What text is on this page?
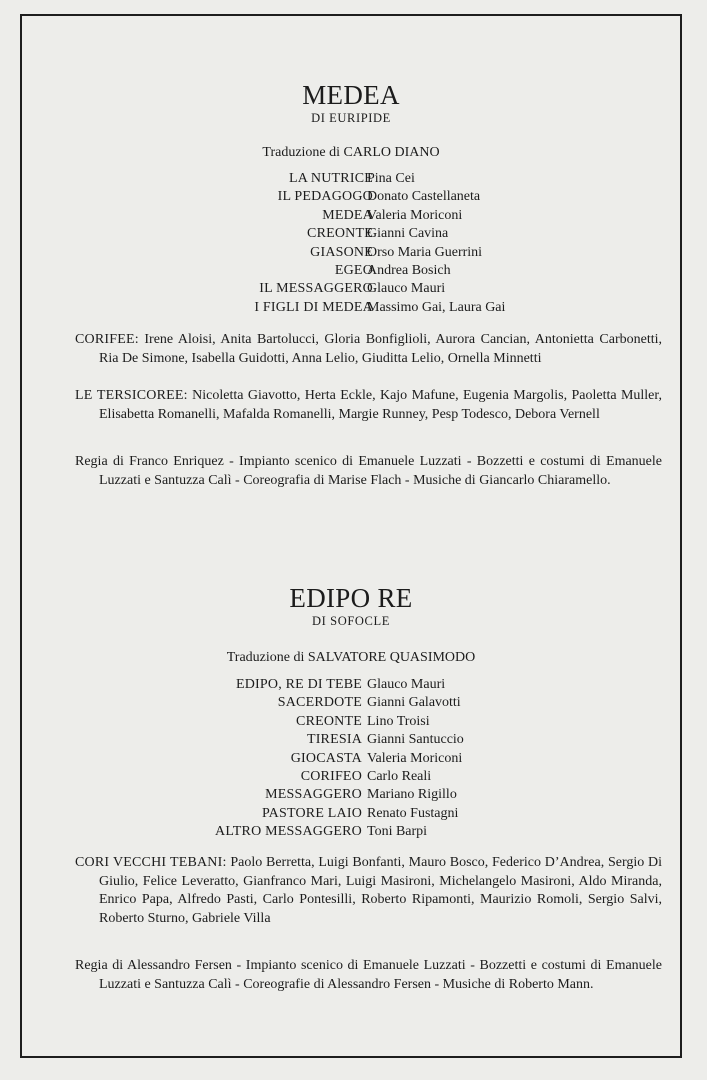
MEDEA
DI EURIPIDE
Traduzione di CARLO DIANO
LA NUTRICE
Pina Cei
IL PEDAGOGO
Donato Castellaneta
MEDEA
Valeria Moriconi
CREONTE
Gianni Cavina
GIASONE
Orso Maria Guerrini
EGEO
Andrea Bosich
IL MESSAGGERO
Glauco Mauri
I FIGLI DI MEDEA
Massimo Gai, Laura Gai

CORIFEE: Irene Aloisi, Anita Bartolucci, Gloria Bonfiglioli, Aurora Cancian, Antonietta Carbonetti, Ria De Simone, Isabella Guidotti, Anna Lelio, Giuditta Lelio, Ornella Minnetti

LE TERSICOREE: Nicoletta Giavotto, Herta Eckle, Kajo Mafune, Eugenia Margolis, Paoletta Muller, Elisabetta Romanelli, Mafalda Romanelli, Margie Runney, Pesp Todesco, Debora Vernell

Regia di Franco Enriquez - Impianto scenico di Emanuele Luzzati - Bozzetti e costumi di Emanuele Luzzati e Santuzza Calì - Coreografia di Marise Flach - Musiche di Giancarlo Chiaramello.

EDIPO RE
DI SOFOCLE
Traduzione di SALVATORE QUASIMODO
EDIPO, RE DI TEBE Glauco Mauri
SACERDOTE Gianni Galavotti
CREONTE Lino Troisi
TIRESIA Gianni Santuccio
GIOCASTA Valeria Moriconi
CORIFEO Carlo Reali
MESSAGGERO Mariano Rigillo
PASTORE LAIO Renato Fustagni
ALTRO MESSAGGERO Toni Barpi

CORI VECCHI TEBANI: Paolo Berretta, Luigi Bonfanti, Mauro Bosco, Federico D’Andrea, Sergio Di Giulio, Felice Leveratto, Gianfranco Mari, Luigi Masironi, Michelangelo Masironi, Aldo Miranda, Enrico Papa, Alfredo Pasti, Carlo Pontesilli, Roberto Ripamonti, Maurizio Romoli, Sergio Salvi, Roberto Sturno, Gabriele Villa

Regia di Alessandro Fersen - Impianto scenico di Emanuele Luzzati - Bozzetti e costumi di Emanuele Luzzati e Santuzza Calì - Coreografie di Alessandro Fersen - Musiche di Roberto Mann.
